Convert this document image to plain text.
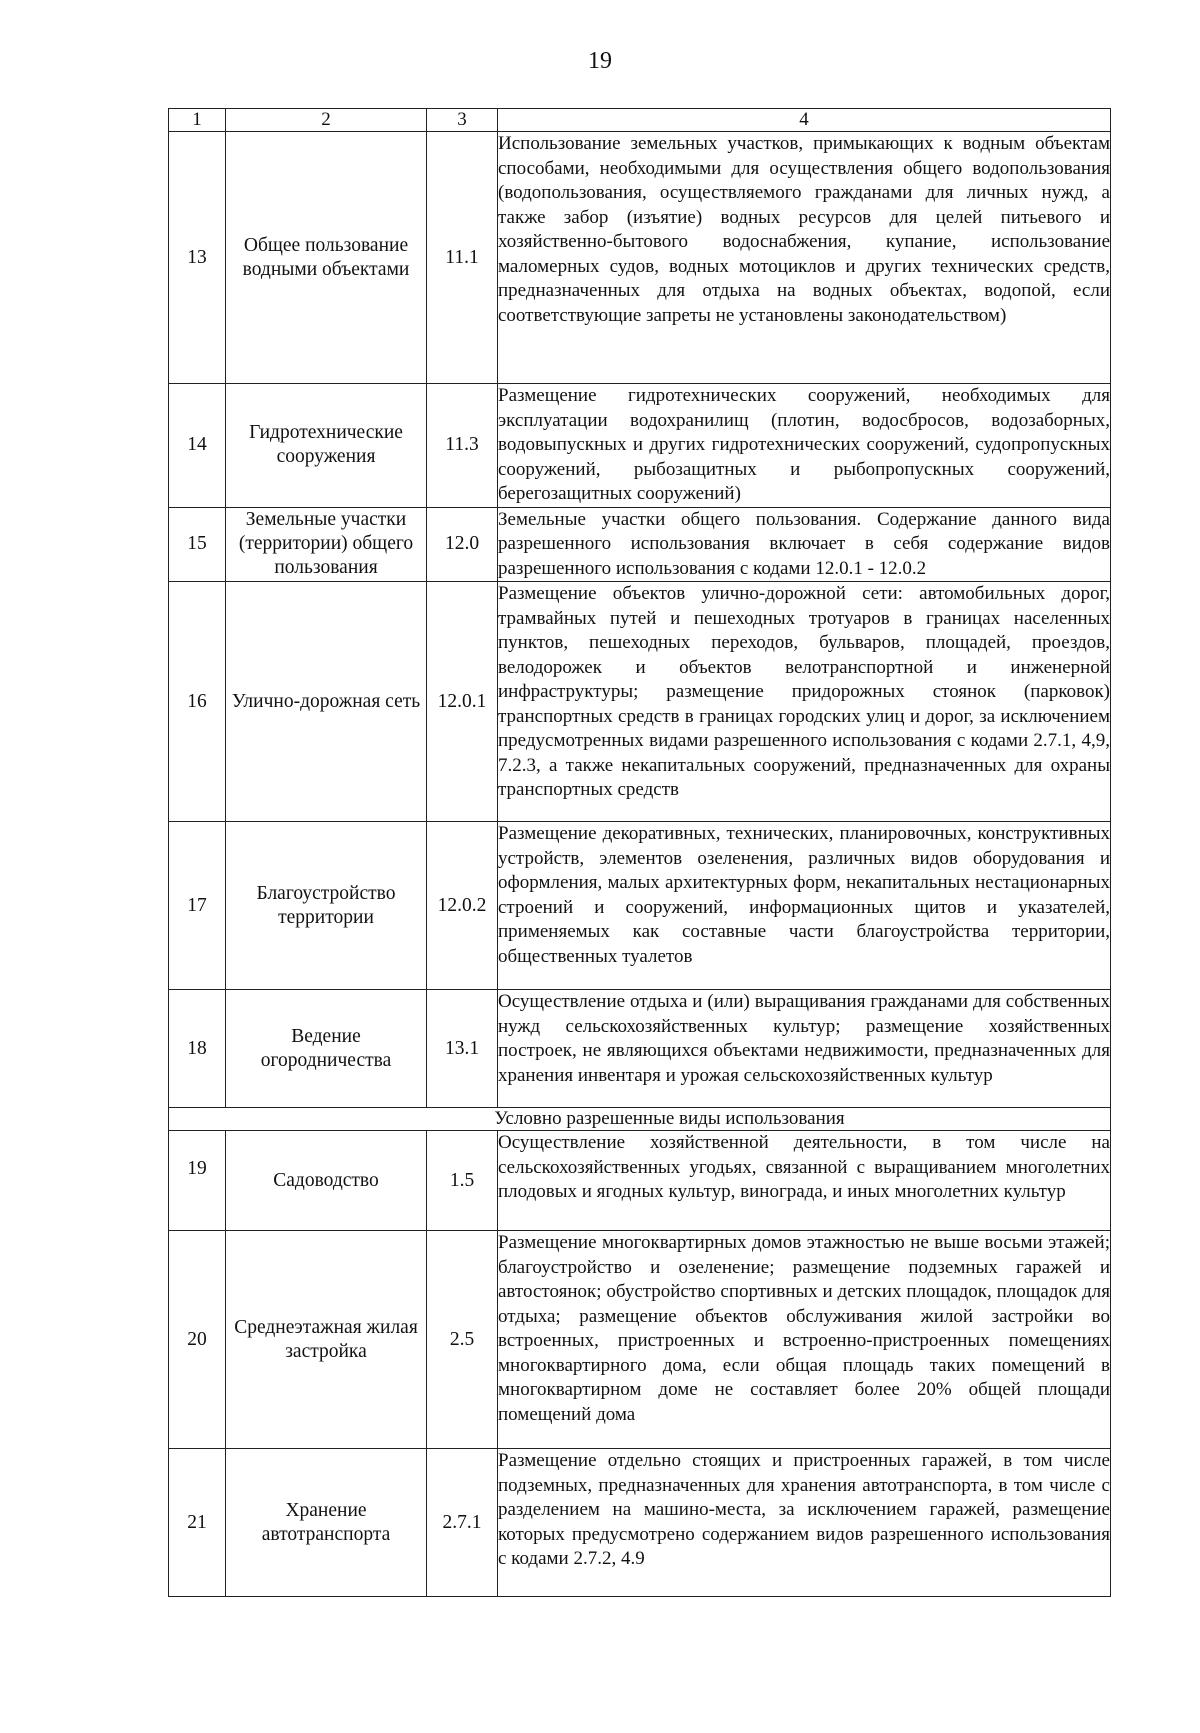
19
1	2	3	4
13	Общее пользование водными объектами	11.1	Использование земельных участков, примыкающих к водным объектам способами, необходимыми для осуществления общего водопользования (водопользования, осуществляемого гражданами для личных нужд, а также забор (изъятие) водных ресурсов для целей питьевого и хозяйственно-бытового водоснабжения, купание, использование маломерных судов, водных мотоциклов и других технических средств, предназначенных для отдыха на водных объектах, водопой, если соответствующие запреты не установлены законодательством)

14	Гидротехнические сооружения	11.3	Размещение гидротехнических сооружений, необходимых для эксплуатации водохранилищ (плотин, водосбросов, водозаборных, водовыпускных и других гидротехнических сооружений, судопропускных сооружений, рыбозащитных и рыбопропускных сооружений, берегозащитных сооружений)

15	Земельные участки (территории) общего пользования	12.0	Земельные участки общего пользования. Содержание данного вида разрешенного использования включает в себя содержание видов разрешенного использования с кодами 12.0.1 - 12.0.2

16	Улично-дорожная сеть	12.0.1	Размещение объектов улично-дорожной сети: автомобильных дорог, трамвайных путей и пешеходных тротуаров в границах населенных пунктов, пешеходных переходов, бульваров, площадей, проездов, велодорожек и объектов велотранспортной и инженерной инфраструктуры; размещение придорожных стоянок (парковок) транспортных средств в границах городских улиц и дорог, за исключением предусмотренных видами разрешенного использования с кодами 2.7.1, 4,9, 7.2.3, а также некапитальных сооружений, предназначенных для охраны транспортных средств

17	Благоустройство территории	12.0.2	Размещение декоративных, технических, планировочных, конструктивных устройств, элементов озеленения, различных видов оборудования и оформления, малых архитектурных форм, некапитальных нестационарных строений и сооружений, информационных щитов и указателей, применяемых как составные части благоустройства территории, общественных туалетов

18	Ведение огородничества	13.1	Осуществление отдыха и (или) выращивания гражданами для собственных нужд сельскохозяйственных культур; размещение хозяйственных построек, не являющихся объектами недвижимости, предназначенных для хранения инвентаря и урожая сельскохозяйственных культур

Условно разрешенные виды использования			
19	Садоводство	1.5	Осуществление хозяйственной деятельности, в том числе на сельскохозяйственных угодьях, связанной с выращиванием многолетних плодовых и ягодных культур, винограда, и иных многолетних культур

20	Среднеэтажная жилая застройка	2.5	Размещение многоквартирных домов этажностью не выше восьми этажей; благоустройство и озеленение; размещение подземных гаражей и автостоянок; обустройство спортивных и детских площадок, площадок для отдыха; размещение объектов обслуживания жилой застройки во встроенных, пристроенных и встроенно-пристроенных помещениях многоквартирного дома, если общая площадь таких помещений в многоквартирном доме не составляет более 20% общей площади помещений дома

21	Хранение автотранспорта	2.7.1	Размещение отдельно стоящих и пристроенных гаражей, в том числе подземных, предназначенных для хранения автотранспорта, в том числе с разделением на машино-места, за исключением гаражей, размещение которых предусмотрено содержанием видов разрешенного использования с кодами 2.7.2, 4.9
